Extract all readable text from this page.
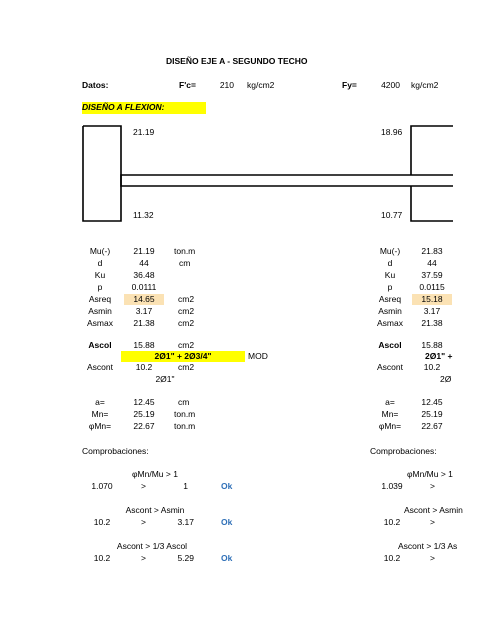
DISEÑO EJE A - SEGUNDO TECHO
Datos:	F'c=	210 kg/cm2	Fy=	4200 kg/cm2
DISEÑO A FLEXION:
21.19	18.96
11.32	10.77
Mu(-)	21.19	ton.m
d	44	cm
Ku	36.48
p	0.0111
Asreq	14.65	cm2
Asmin	3.17	cm2
Asmax	21.38	cm2
Ascol	15.88	cm2
2Ø1" + 2Ø3/4"	MOD
Ascont	10.2	cm2
2Ø1"
a=	12.45	cm
Mn=	25.19	ton.m
φMn=	22.67	ton.m
Comprobaciones:
φMn/Mu > 1
1.070	>	1	Ok
Ascont > Asmin
10.2	>	3.17	Ok
Ascont > 1/3 Ascol
10.2	>	5.29	Ok
Mu(-)	21.83
d	44
Ku	37.59
p	0.0115
Asreq	15.18
Asmin	3.17
Asmax	21.38
Ascol	15.88
2Ø1" +
Ascont	10.2
2Ø
a=	12.45
Mn=	25.19
φMn=	22.67
Comprobaciones:
φMn/Mu > 1
1.039	>
Ascont > Asmin
10.2	>
Ascont > 1/3 As
10.2	>
